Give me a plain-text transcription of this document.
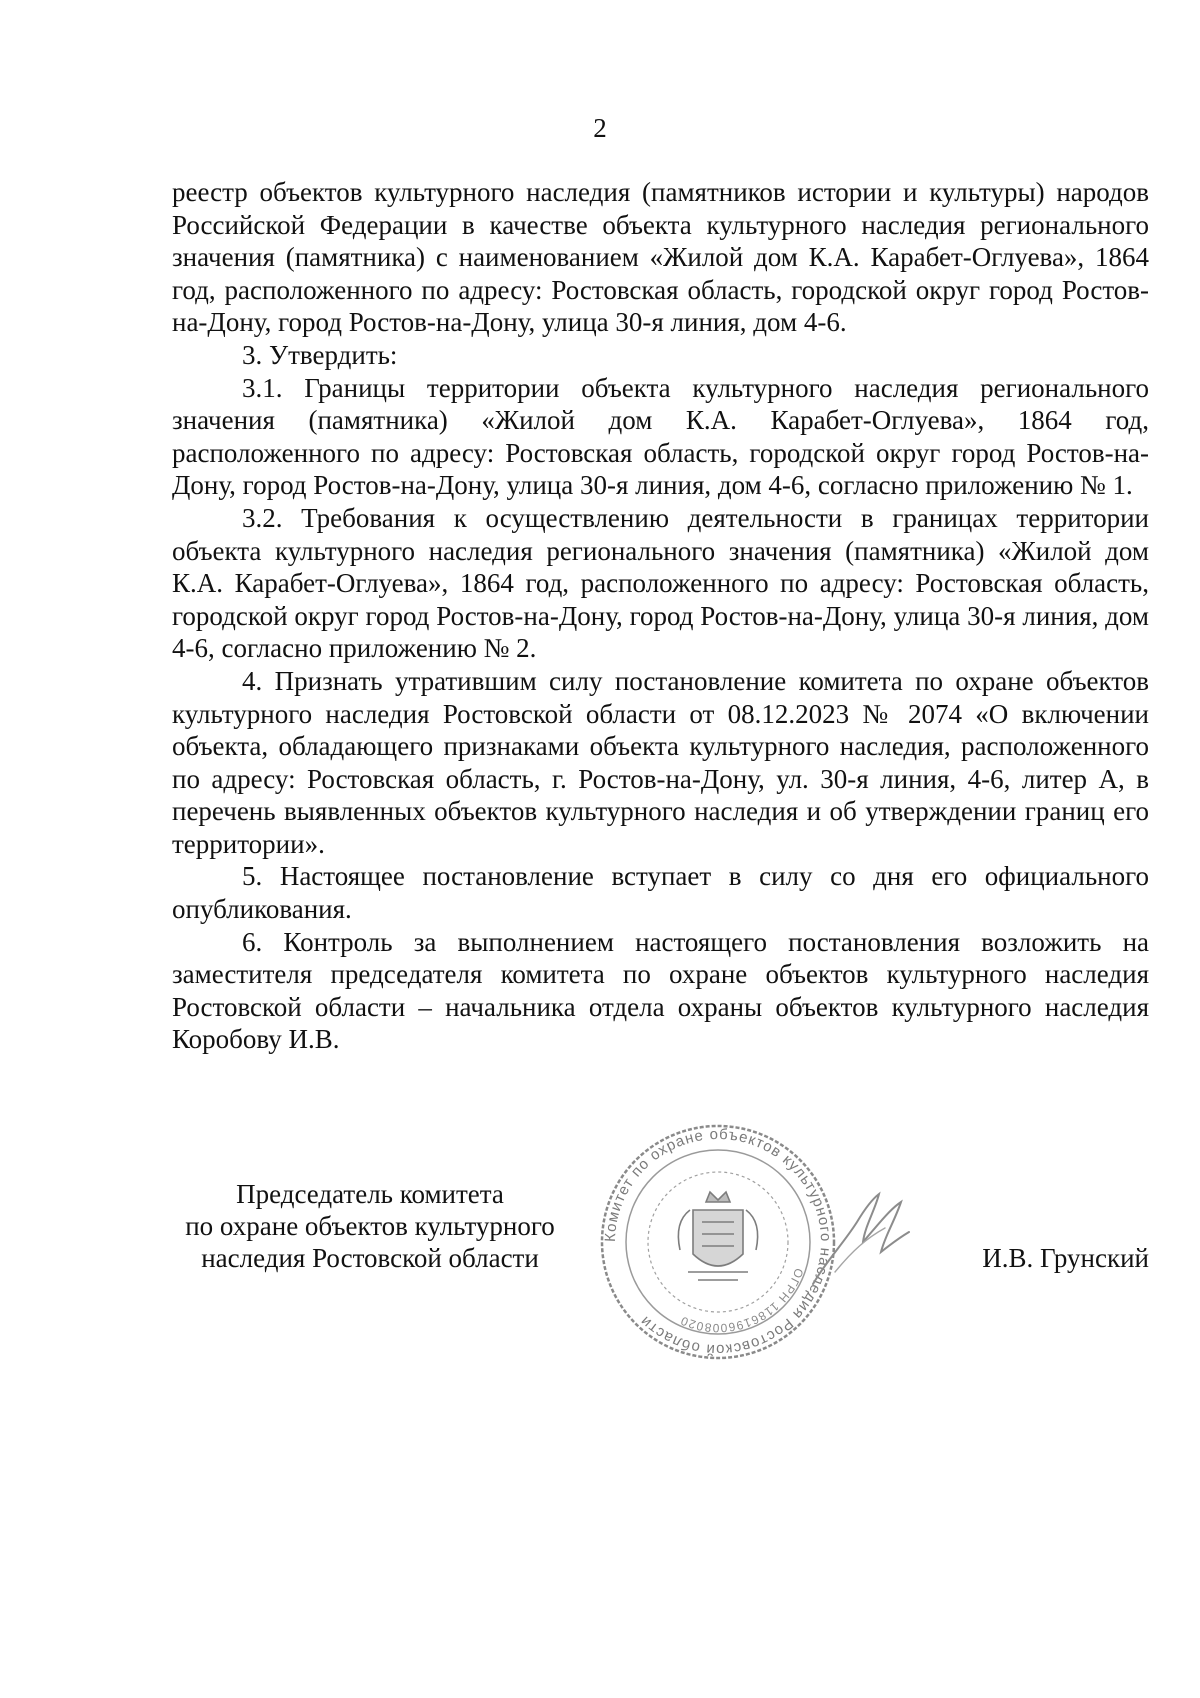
2

реестр объектов культурного наследия (памятников истории и культуры) народов Российской Федерации в качестве объекта культурного наследия регионального значения (памятника) с наименованием «Жилой дом К.А. Карабет-Оглуева», 1864 год, расположенного по адресу: Ростовская область, городской округ город Ростов-на-Дону, город Ростов-на-Дону, улица 30-я линия, дом 4-6.

3. Утвердить:

3.1. Границы территории объекта культурного наследия регионального значения (памятника) «Жилой дом К.А. Карабет-Оглуева», 1864 год, расположенного по адресу: Ростовская область, городской округ город Ростов-на-Дону, город Ростов-на-Дону, улица 30-я линия, дом 4-6, согласно приложению № 1.

3.2. Требования к осуществлению деятельности в границах территории объекта культурного наследия регионального значения (памятника) «Жилой дом К.А. Карабет-Оглуева», 1864 год, расположенного по адресу: Ростовская область, городской округ город Ростов-на-Дону, город Ростов-на-Дону, улица 30-я линия, дом 4-6, согласно приложению № 2.

4. Признать утратившим силу постановление комитета по охране объектов культурного наследия Ростовской области от 08.12.2023 № 2074 «О включении объекта, обладающего признаками объекта культурного наследия, расположенного по адресу: Ростовская область, г. Ростов-на-Дону, ул. 30-я линия, 4-6, литер А, в перечень выявленных объектов культурного наследия и об утверждении границ его территории».

5. Настоящее постановление вступает в силу со дня его официального опубликования.

6. Контроль за выполнением настоящего постановления возложить на заместителя председателя комитета по охране объектов культурного наследия Ростовской области – начальника отдела охраны объектов культурного наследия Коробову И.В.

Председатель комитета
по охране объектов культурного
наследия Ростовской области
Комитет по охране объектов культурного наследия Ростовской области
ОГРН 1186196008020
И.В. Грунский
